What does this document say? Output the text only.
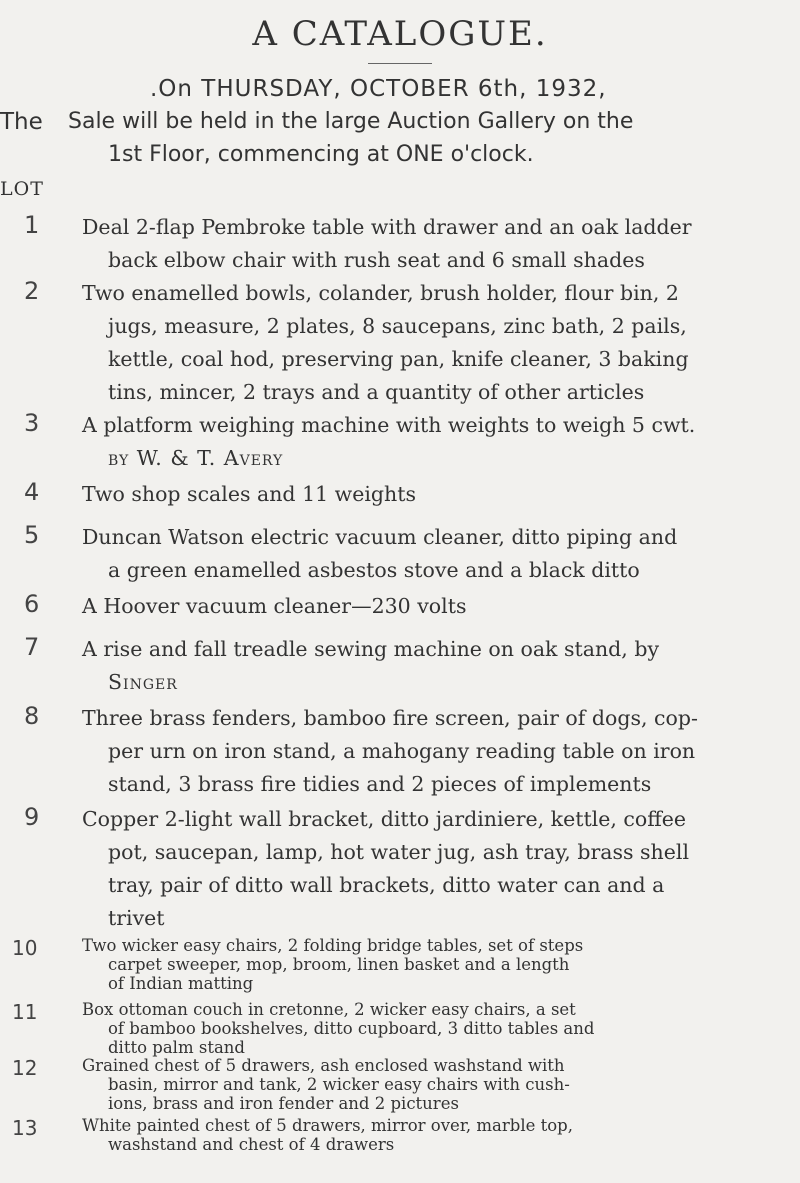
A CATALOGUE.
.On THURSDAY, OCTOBER 6th, 1932,
The Sale will be held in the large Auction Gallery on the
1st Floor, commencing at ONE o'clock.
LOT
1	Deal 2-flap Pembroke table with drawer and an oak ladder
back elbow chair with rush seat and 6 small shades
2	Two enamelled bowls, colander, brush holder, flour bin, 2
jugs, measure, 2 plates, 8 saucepans, zinc bath, 2 pails,
kettle, coal hod, preserving pan, knife cleaner, 3 baking
tins, mincer, 2 trays and a quantity of other articles
3	A platform weighing machine with weights to weigh 5 cwt.
by W. & T. Avery
4	Two shop scales and 11 weights
5	Duncan Watson electric vacuum cleaner, ditto piping and
a green enamelled asbestos stove and a black ditto
6	A Hoover vacuum cleaner—230 volts
7	A rise and fall treadle sewing machine on oak stand, by
Singer
8	Three brass fenders, bamboo fire screen, pair of dogs, cop-
per urn on iron stand, a mahogany reading table on iron
stand, 3 brass fire tidies and 2 pieces of implements
9	Copper 2-light wall bracket, ditto jardiniere, kettle, coffee
pot, saucepan, lamp, hot water jug, ash tray, brass shell
tray, pair of ditto wall brackets, ditto water can and a
trivet
10	Two wicker easy chairs, 2 folding bridge tables, set of steps
carpet sweeper, mop, broom, linen basket and a length
of Indian matting
11	Box ottoman couch in cretonne, 2 wicker easy chairs, a set
of bamboo bookshelves, ditto cupboard, 3 ditto tables and
ditto palm stand
12	Grained chest of 5 drawers, ash enclosed washstand with
basin, mirror and tank, 2 wicker easy chairs with cush-
ions, brass and iron fender and 2 pictures
13	White painted chest of 5 drawers, mirror over, marble top,
washstand and chest of 4 drawers
